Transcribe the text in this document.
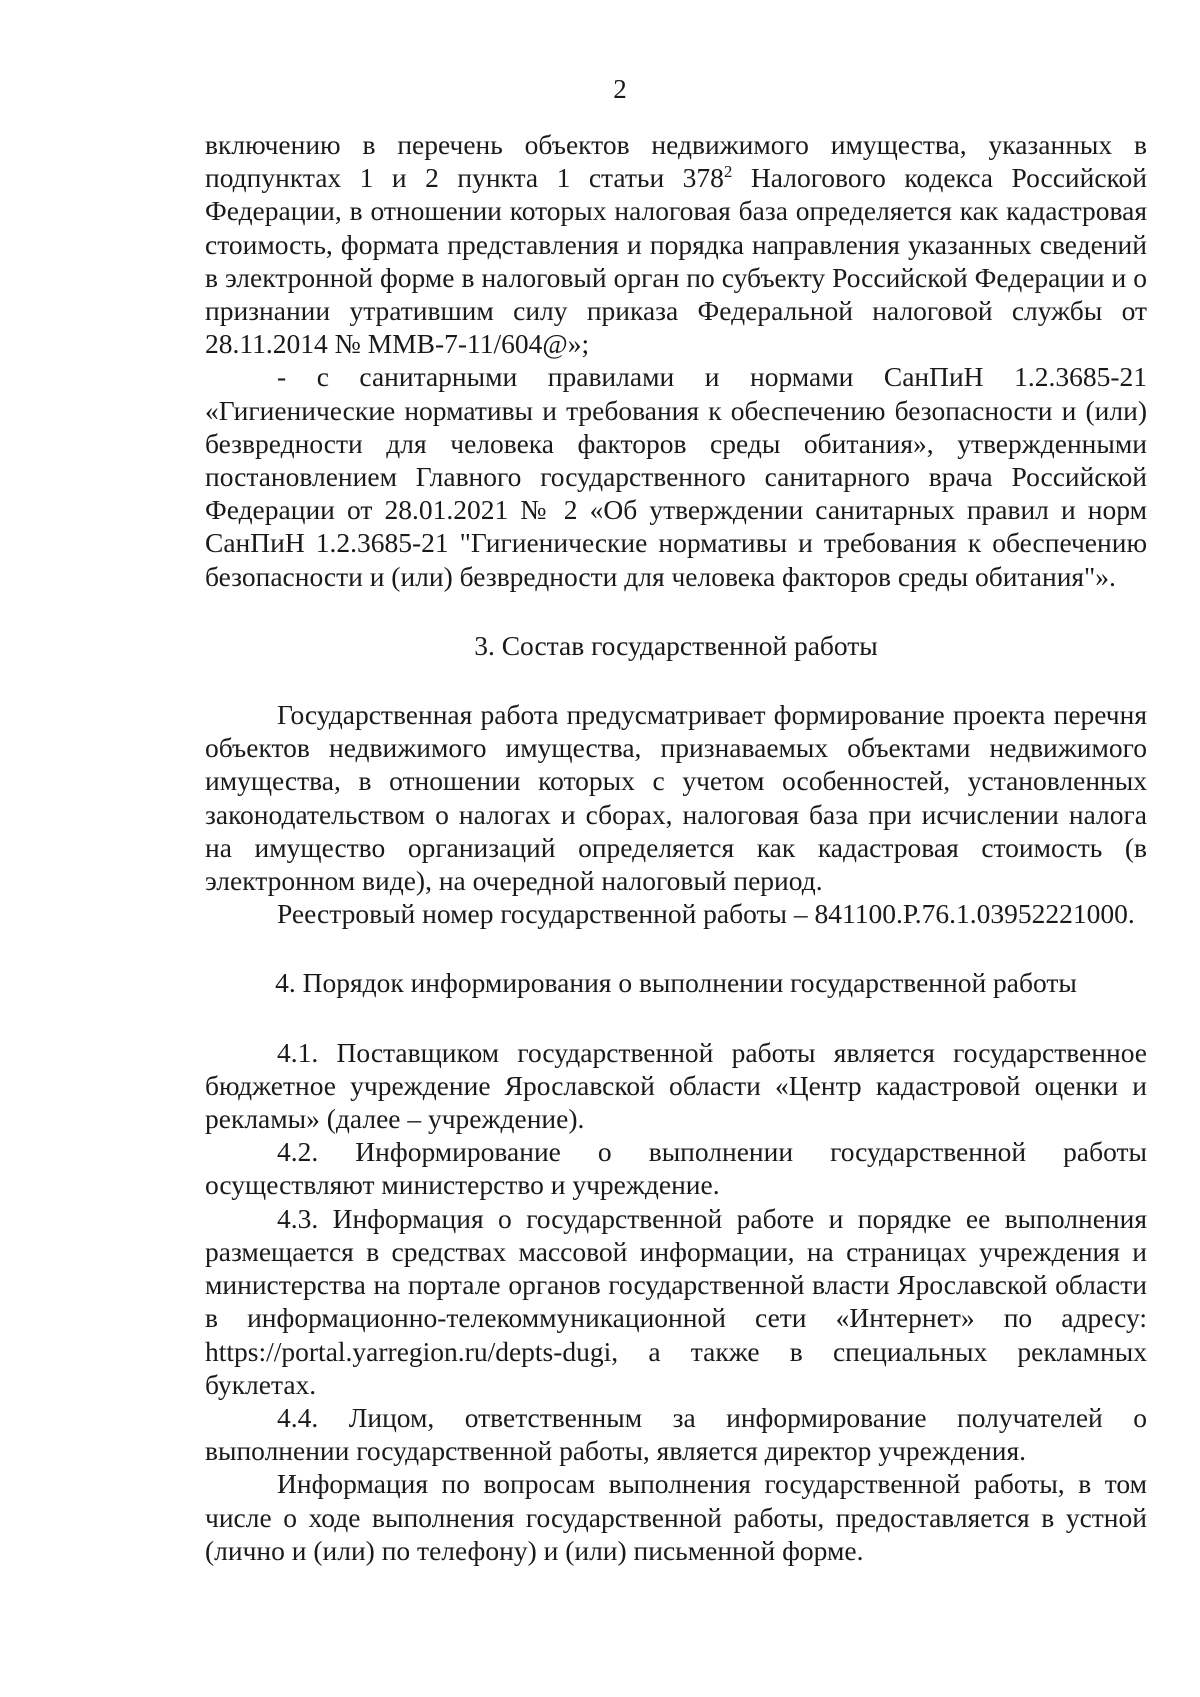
2

включению в перечень объектов недвижимого имущества, указанных в подпунктах 1 и 2 пункта 1 статьи $378^2$ Налогового кодекса Российской Федерации, в отношении которых налоговая база определяется как кадастровая стоимость, формата представления и порядка направления указанных сведений в электронной форме в налоговый орган по субъекту Российской Федерации и о признании утратившим силу приказа Федеральной налоговой службы от 28.11.2014 № ММВ-7-11/604@»;

- с санитарными правилами и нормами СанПиН 1.2.3685-21 «Гигиенические нормативы и требования к обеспечению безопасности и (или) безвредности для человека факторов среды обитания», утвержденными постановлением Главного государственного санитарного врача Российской Федерации от 28.01.2021 № 2 «Об утверждении санитарных правил и норм СанПиН 1.2.3685-21 "Гигиенические нормативы и требования к обеспечению безопасности и (или) безвредности для человека факторов среды обитания"».

3. Состав государственной работы

Государственная работа предусматривает формирование проекта перечня объектов недвижимого имущества, признаваемых объектами недвижимого имущества, в отношении которых с учетом особенностей, установленных законодательством о налогах и сборах, налоговая база при исчислении налога на имущество организаций определяется как кадастровая стоимость (в электронном виде), на очередной налоговый период.

Реестровый номер государственной работы – 841100.Р.76.1.03952221000.

4. Порядок информирования о выполнении государственной работы

4.1. Поставщиком государственной работы является государственное бюджетное учреждение Ярославской области «Центр кадастровой оценки и рекламы» (далее – учреждение).

4.2. Информирование о выполнении государственной работы осуществляют министерство и учреждение.

4.3. Информация о государственной работе и порядке ее выполнения размещается в средствах массовой информации, на страницах учреждения и министерства на портале органов государственной власти Ярославской области в информационно-телекоммуникационной сети «Интернет» по адресу: https://portal.yarregion.ru/depts-dugi, а также в специальных рекламных буклетах.

4.4. Лицом, ответственным за информирование получателей о выполнении государственной работы, является директор учреждения.

Информация по вопросам выполнения государственной работы, в том числе о ходе выполнения государственной работы, предоставляется в устной (лично и (или) по телефону) и (или) письменной форме.
